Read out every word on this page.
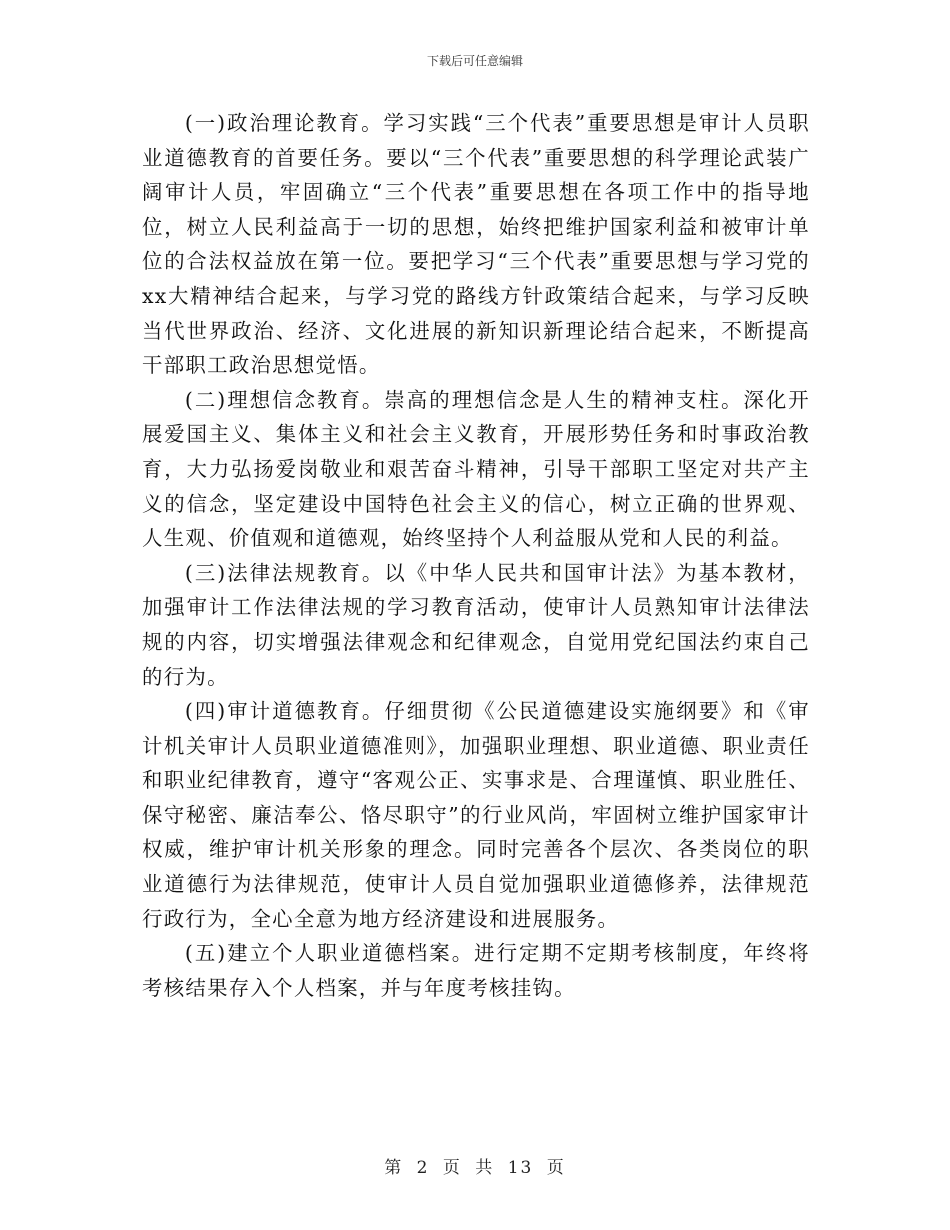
下载后可任意编辑

(一)政治理论教育。学习实践“三个代表”重要思想是审计人员职业道德教育的首要任务。要以“三个代表”重要思想的科学理论武装广阔审计人员，牢固确立“三个代表”重要思想在各项工作中的指导地位，树立人民利益高于一切的思想，始终把维护国家利益和被审计单位的合法权益放在第一位。要把学习“三个代表”重要思想与学习党的xx大精神结合起来，与学习党的路线方针政策结合起来，与学习反映当代世界政治、经济、文化进展的新知识新理论结合起来，不断提高干部职工政治思想觉悟。

(二)理想信念教育。崇高的理想信念是人生的精神支柱。深化开展爱国主义、集体主义和社会主义教育，开展形势任务和时事政治教育，大力弘扬爱岗敬业和艰苦奋斗精神，引导干部职工坚定对共产主义的信念，坚定建设中国特色社会主义的信心，树立正确的世界观、人生观、价值观和道德观，始终坚持个人利益服从党和人民的利益。

(三)法律法规教育。以《中华人民共和国审计法》为基本教材，加强审计工作法律法规的学习教育活动，使审计人员熟知审计法律法规的内容，切实增强法律观念和纪律观念，自觉用党纪国法约束自己的行为。

(四)审计道德教育。仔细贯彻《公民道德建设实施纲要》和《审计机关审计人员职业道德准则》，加强职业理想、职业道德、职业责任和职业纪律教育，遵守“客观公正、实事求是、合理谨慎、职业胜任、保守秘密、廉洁奉公、恪尽职守”的行业风尚，牢固树立维护国家审计权威，维护审计机关形象的理念。同时完善各个层次、各类岗位的职业道德行为法律规范，使审计人员自觉加强职业道德修养，法律规范行政行为，全心全意为地方经济建设和进展服务。

(五)建立个人职业道德档案。进行定期不定期考核制度，年终将考核结果存入个人档案，并与年度考核挂钩。

第 2 页 共 13 页
